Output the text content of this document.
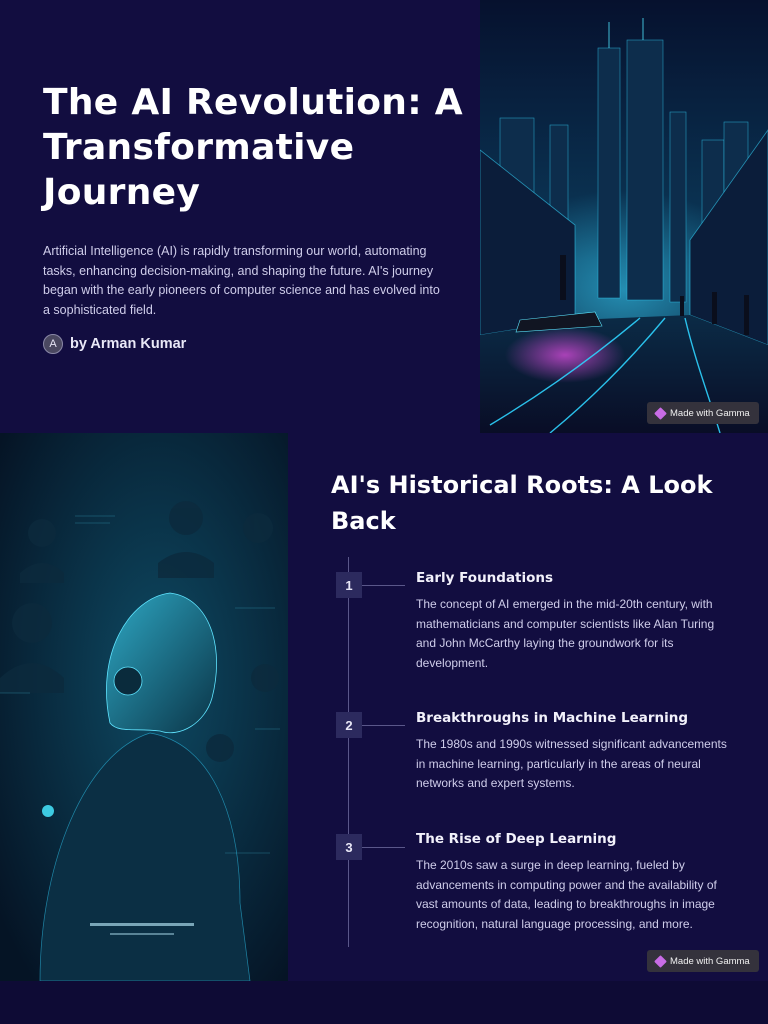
The AI Revolution: A Transformative Journey

Artificial Intelligence (AI) is rapidly transforming our world, automating tasks, enhancing decision-making, and shaping the future. AI's journey began with the early pioneers of computer science and has evolved into a sophisticated field.

A by Arman Kumar
Made with Gamma
AI's Historical Roots: A Look Back
1	Early Foundations

The concept of AI emerged in the mid-20th century, with mathematicians and computer scientists like Alan Turing and John McCarthy laying the groundwork for its development.

2	Breakthroughs in Machine Learning

The 1980s and 1990s witnessed significant advancements in machine learning, particularly in the areas of neural networks and expert systems.

3	The Rise of Deep Learning

The 2010s saw a surge in deep learning, fueled by advancements in computing power and the availability of vast amounts of data, leading to breakthroughs in image recognition, natural language processing, and more.

Made with Gamma
